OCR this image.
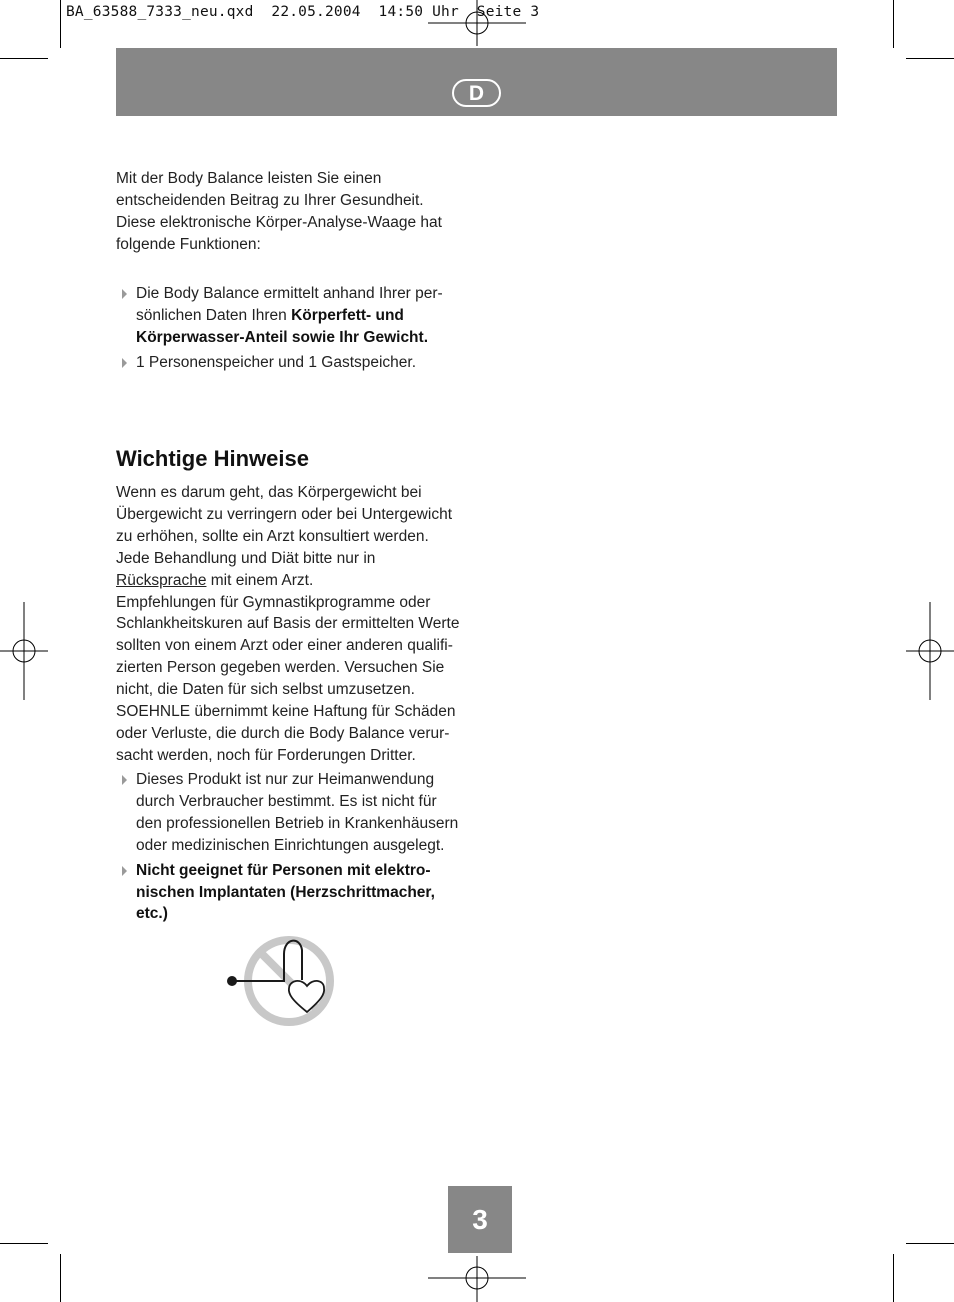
BA_63588_7333_neu.qxd  22.05.2004  14:50 Uhr  Seite 3
D
Mit der Body Balance leisten Sie einen
entscheidenden Beitrag zu Ihrer Gesundheit.
Diese elektronische Körper-Analyse-Waage hat
folgende Funktionen:
Die Body Balance ermittelt anhand Ihrer per-
sönlichen Daten Ihren Körperfett- und
Körperwasser-Anteil sowie Ihr Gewicht.
1 Personenspeicher und 1 Gastspeicher.
Wichtige Hinweise
Wenn es darum geht, das Körpergewicht bei
Übergewicht zu verringern oder bei Untergewicht
zu erhöhen, sollte ein Arzt konsultiert werden.
Jede Behandlung und Diät bitte nur in
Rücksprache mit einem Arzt.
Empfehlungen für Gymnastikprogramme oder
Schlankheitskuren auf Basis der ermittelten Werte
sollten von einem Arzt oder einer anderen qualifi-
zierten Person gegeben werden. Versuchen Sie
nicht, die Daten für sich selbst umzusetzen.
SOEHNLE übernimmt keine Haftung für Schäden
oder Verluste, die durch die Body Balance verur-
sacht werden, noch für Forderungen Dritter.
Dieses Produkt ist nur zur Heimanwendung
durch Verbraucher bestimmt. Es ist nicht für
den professionellen Betrieb in Krankenhäusern
oder medizinischen Einrichtungen ausgelegt.
Nicht geeignet für Personen mit elektro-
nischen Implantaten (Herzschrittmacher,
etc.)
3
